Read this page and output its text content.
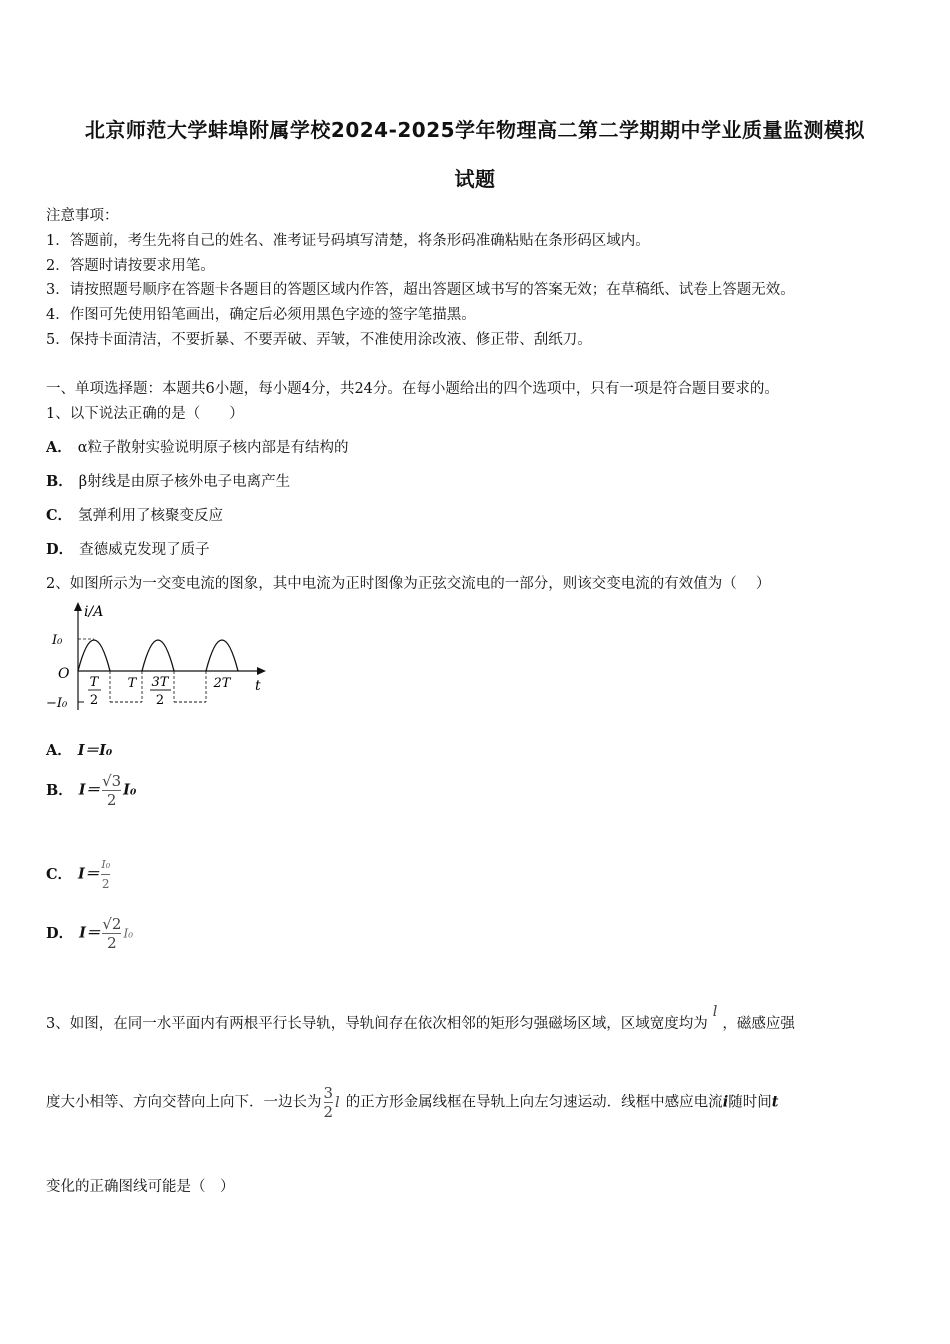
北京师范大学蚌埠附属学校2024-2025学年物理高二第二学期期中学业质量监测模拟
试题
注意事项：
1．答题前，考生先将自己的姓名、准考证号码填写清楚，将条形码准确粘贴在条形码区域内。
2．答题时请按要求用笔。
3．请按照题号顺序在答题卡各题目的答题区域内作答，超出答题区域书写的答案无效；在草稿纸、试卷上答题无效。
4．作图可先使用铅笔画出，确定后必须用黑色字迹的签字笔描黑。
5．保持卡面清洁，不要折暴、不要弄破、弄皱，不准使用涂改液、修正带、刮纸刀。
一、单项选择题：本题共6小题，每小题4分，共24分。在每小题给出的四个选项中，只有一项是符合题目要求的。
1、以下说法正确的是（　　）
A． α粒子散射实验说明原子核内部是有结构的
B． β射线是由原子核外电子电离产生
C． 氢弹利用了核聚变反应
D． 查德威克发现了质子
2、如图所示为一交变电流的图象，其中电流为正时图像为正弦交流电的一部分，则该交变电流的有效值为（　 ）
i/A
I₀
O
−I₀
t
T
2
T 3T
2
2T
A． I＝I₀
B． $I= \frac{√3}{2} I_0$
C． $I= \frac{\text{I₀}}{2}$
D． $I= \frac{√2}{2} I_0$
3、如图，在同一水平面内有两根平行长导轨，导轨间存在依次相邻的矩形匀强磁场区域，区域宽度均为l，磁感应强
度大小相等、方向交替向上向下．一边长为 $\frac{3}{2}$ l 的正方形金属线框在导轨上向左匀速运动．线框中感应电流i随时间t
变化的正确图线可能是（　）
